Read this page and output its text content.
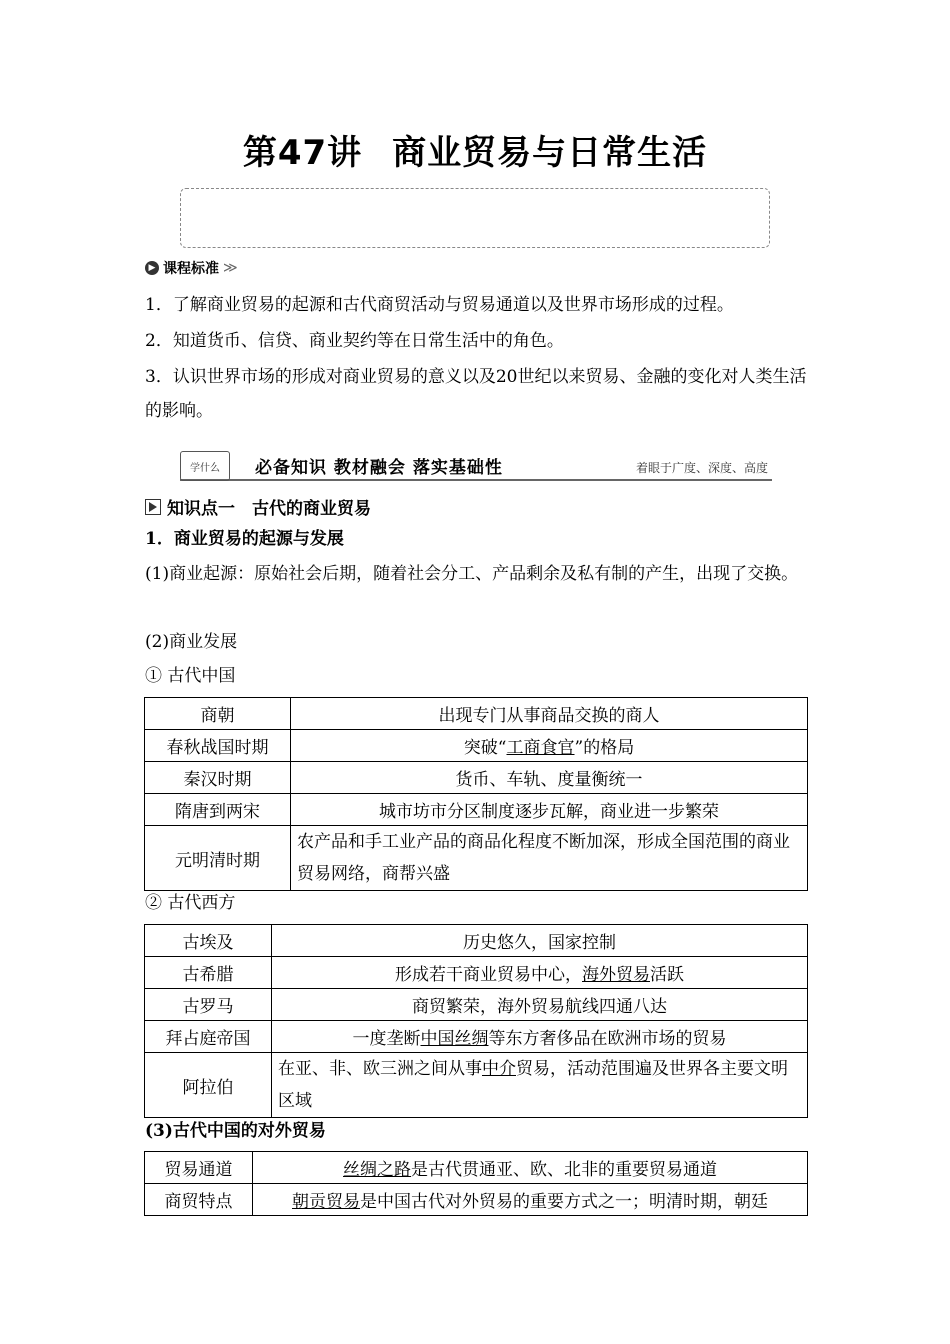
第47讲 商业贸易与日常生活
▶ 课程标准 ≫
1．了解商业贸易的起源和古代商贸活动与贸易通道以及世界市场形成的过程。
2．知道货币、信贷、商业契约等在日常生活中的角色。
3．认识世界市场的形成对商业贸易的意义以及20世纪以来贸易、金融的变化对人类生活的影响。
学什么	必备知识 教材融会 落实基础性	着眼于广度、深度、高度
知识点一　古代的商业贸易
1．商业贸易的起源与发展
(1)商业起源：原始社会后期，随着社会分工、产品剩余及私有制的产生，出现了交换。
(2)商业发展
① 古代中国
商朝	出现专门从事商品交换的商人
春秋战国时期	突破“工商食官”的格局
秦汉时期	货币、车轨、度量衡统一
隋唐到两宋	城市坊市分区制度逐步瓦解，商业进一步繁荣
元明清时期	农产品和手工业产品的商品化程度不断加深，形成全国范围的商业贸易网络，商帮兴盛
② 古代西方
古埃及	历史悠久，国家控制
古希腊	形成若干商业贸易中心，海外贸易活跃
古罗马	商贸繁荣，海外贸易航线四通八达
拜占庭帝国	一度垄断中国丝绸等东方奢侈品在欧洲市场的贸易
阿拉伯	在亚、非、欧三洲之间从事中介贸易，活动范围遍及世界各主要文明区域
(3)古代中国的对外贸易
贸易通道	丝绸之路是古代贯通亚、欧、北非的重要贸易通道
商贸特点	朝贡贸易是中国古代对外贸易的重要方式之一；明清时期，朝廷
